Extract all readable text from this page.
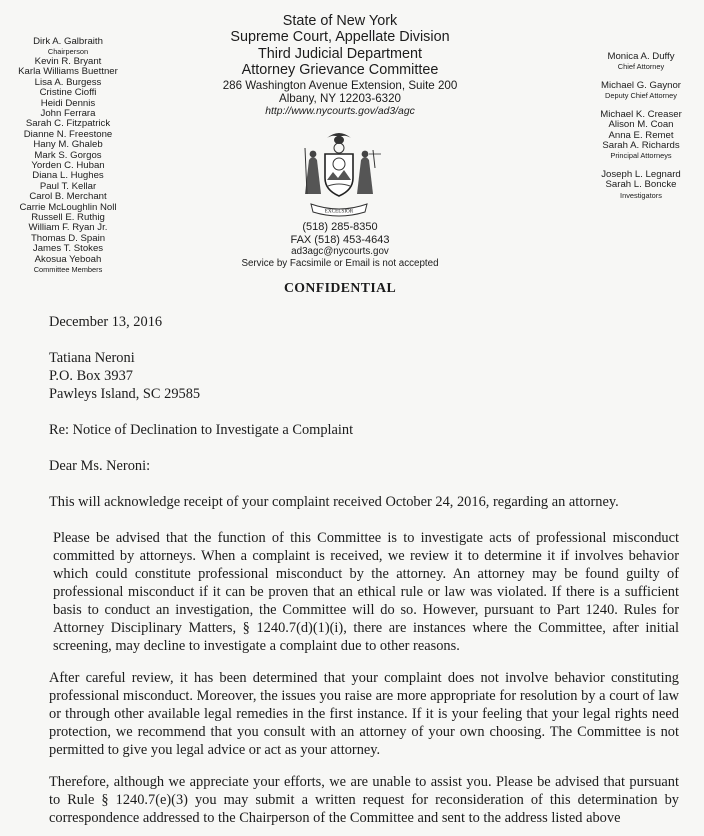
Dirk A. Galbraith
Chairperson
Kevin R. Bryant
Karla Williams Buettner
Lisa A. Burgess
Cristine Cioffi
Heidi Dennis
John Ferrara
Sarah C. Fitzpatrick
Dianne N. Freestone
Hany M. Ghaleb
Mark S. Gorgos
Yorden C. Huban
Diana L. Hughes
Paul T. Kellar
Carol B. Merchant
Carrie McLoughlin Noll
Russell E. Ruthig
William F. Ryan Jr.
Thomas D. Spain
James T. Stokes
Akosua Yeboah
Committee Members
Monica A. Duffy
Chief Attorney
Michael G. Gaynor
Deputy Chief Attorney
Michael K. Creaser
Alison M. Coan
Anna E. Remet
Sarah A. Richards
Principal Attorneys
Joseph L. Legnard
Sarah L. Boncke
Investigators
State of New York
Supreme Court, Appellate Division
Third Judicial Department
Attorney Grievance Committee
286 Washington Avenue Extension, Suite 200
Albany, NY 12203-6320
http://www.nycourts.gov/ad3/agc
EXCELSIOR
(518) 285-8350
FAX (518) 453-4643
ad3agc@nycourts.gov
Service by Facsimile or Email is not accepted
CONFIDENTIAL

December 13, 2016

Tatiana Neroni

P.O. Box 3937

Pawleys Island, SC 29585

Re: Notice of Declination to Investigate a Complaint

Dear Ms. Neroni:

This will acknowledge receipt of your complaint received October 24, 2016, regarding an attorney.

Please be advised that the function of this Committee is to investigate acts of professional misconduct committed by attorneys. When a complaint is received, we review it to determine it if involves behavior which could constitute professional misconduct by the attorney. An attorney may be found guilty of professional misconduct if it can be proven that an ethical rule or law was violated. If there is a sufficient basis to conduct an investigation, the Committee will do so. However, pursuant to Part 1240. Rules for Attorney Disciplinary Matters, § 1240.7(d)(1)(i), there are instances where the Committee, after initial screening, may decline to investigate a complaint due to other reasons.

After careful review, it has been determined that your complaint does not involve behavior constituting professional misconduct. Moreover, the issues you raise are more appropriate for resolution by a court of law or through other available legal remedies in the first instance. If it is your feeling that your legal rights need protection, we recommend that you consult with an attorney of your own choosing. The Committee is not permitted to give you legal advice or act as your attorney.

Therefore, although we appreciate your efforts, we are unable to assist you. Please be advised that pursuant to Rule § 1240.7(e)(3) you may submit a written request for reconsideration of this determination by correspondence addressed to the Chairperson of the Committee and sent to the address listed above
